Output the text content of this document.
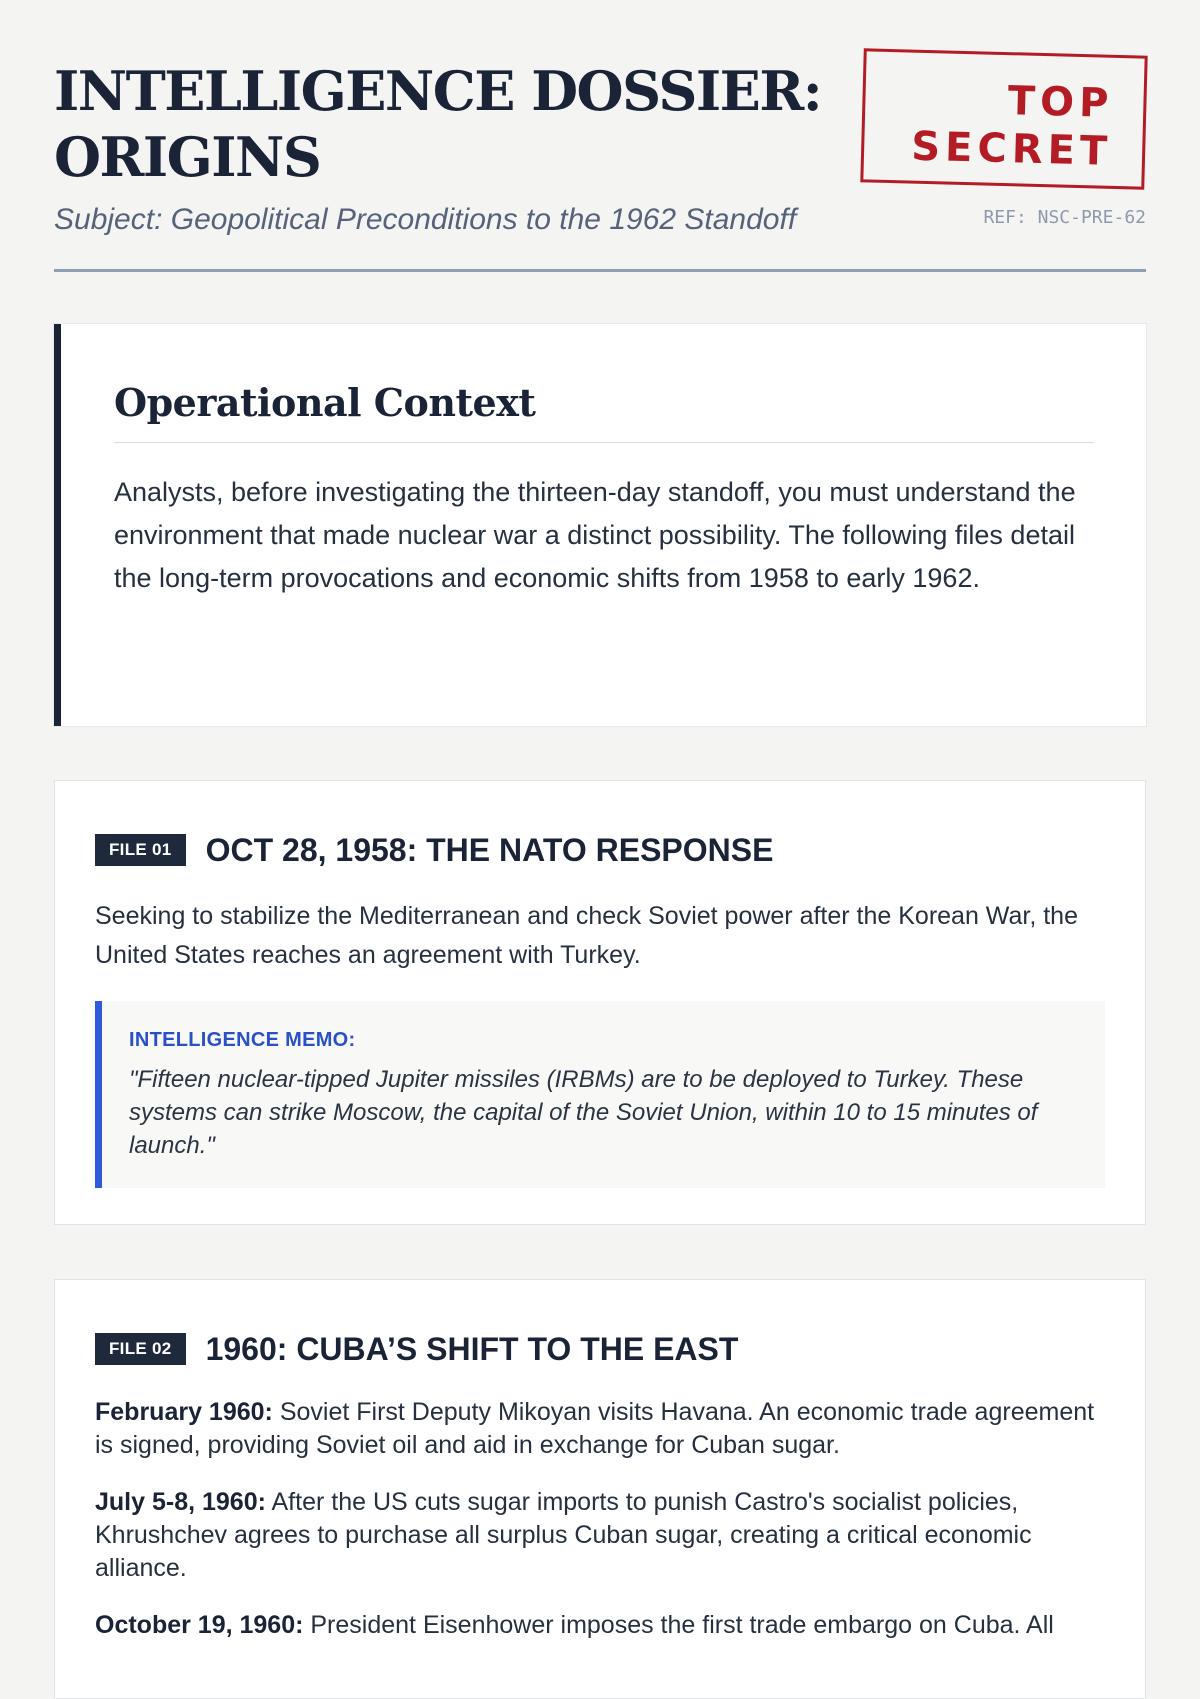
INTELLIGENCE DOSSIER:
ORIGINS
Subject: Geopolitical Preconditions to the 1962 Standoff
TOP
SECRET
REF: NSC-PRE-62
Operational Context

Analysts, before investigating the thirteen-day standoff, you must understand the environment that made nuclear war a distinct possibility. The following files detail the long-term provocations and economic shifts from 1958 to early 1962.

FILE 01	OCT 28, 1958: THE NATO RESPONSE

Seeking to stabilize the Mediterranean and check Soviet power after the Korean War, the United States reaches an agreement with Turkey.

INTELLIGENCE MEMO:

"Fifteen nuclear-tipped Jupiter missiles (IRBMs) are to be deployed to Turkey. These systems can strike Moscow, the capital of the Soviet Union, within 10 to 15 minutes of launch."

FILE 02	1960: CUBA’S SHIFT TO THE EAST

February 1960: Soviet First Deputy Mikoyan visits Havana. An economic trade agreement is signed, providing Soviet oil and aid in exchange for Cuban sugar.

July 5-8, 1960: After the US cuts sugar imports to punish Castro's socialist policies, Khrushchev agrees to purchase all surplus Cuban sugar, creating a critical economic alliance.

October 19, 1960: President Eisenhower imposes the first trade embargo on Cuba. All
